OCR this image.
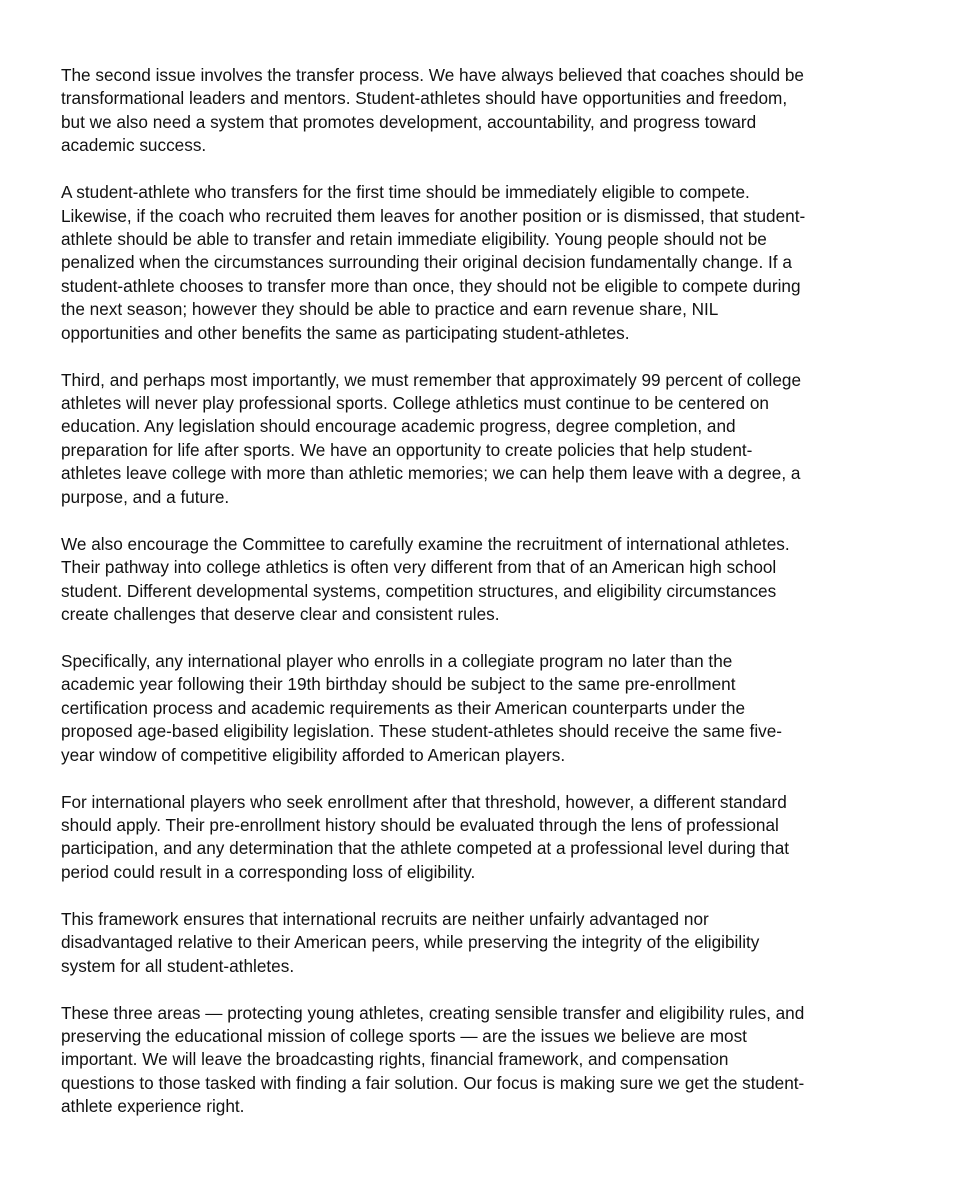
The second issue involves the transfer process. We have always believed that coaches should be
transformational leaders and mentors. Student-athletes should have opportunities and freedom,
but we also need a system that promotes development, accountability, and progress toward
academic success.

A student-athlete who transfers for the first time should be immediately eligible to compete.
Likewise, if the coach who recruited them leaves for another position or is dismissed, that student-
athlete should be able to transfer and retain immediate eligibility. Young people should not be
penalized when the circumstances surrounding their original decision fundamentally change. If a
student-athlete chooses to transfer more than once, they should not be eligible to compete during
the next season; however they should be able to practice and earn revenue share, NIL
opportunities and other benefits the same as participating student-athletes.

Third, and perhaps most importantly, we must remember that approximately 99 percent of college
athletes will never play professional sports. College athletics must continue to be centered on
education. Any legislation should encourage academic progress, degree completion, and
preparation for life after sports. We have an opportunity to create policies that help student-
athletes leave college with more than athletic memories; we can help them leave with a degree, a
purpose, and a future.

We also encourage the Committee to carefully examine the recruitment of international athletes.
Their pathway into college athletics is often very different from that of an American high school
student. Different developmental systems, competition structures, and eligibility circumstances
create challenges that deserve clear and consistent rules.

Specifically, any international player who enrolls in a collegiate program no later than the
academic year following their 19th birthday should be subject to the same pre-enrollment
certification process and academic requirements as their American counterparts under the
proposed age-based eligibility legislation. These student-athletes should receive the same five-
year window of competitive eligibility afforded to American players.

For international players who seek enrollment after that threshold, however, a different standard
should apply. Their pre-enrollment history should be evaluated through the lens of professional
participation, and any determination that the athlete competed at a professional level during that
period could result in a corresponding loss of eligibility.

This framework ensures that international recruits are neither unfairly advantaged nor
disadvantaged relative to their American peers, while preserving the integrity of the eligibility
system for all student-athletes.

These three areas — protecting young athletes, creating sensible transfer and eligibility rules, and
preserving the educational mission of college sports — are the issues we believe are most
important. We will leave the broadcasting rights, financial framework, and compensation
questions to those tasked with finding a fair solution. Our focus is making sure we get the student-
athlete experience right.
